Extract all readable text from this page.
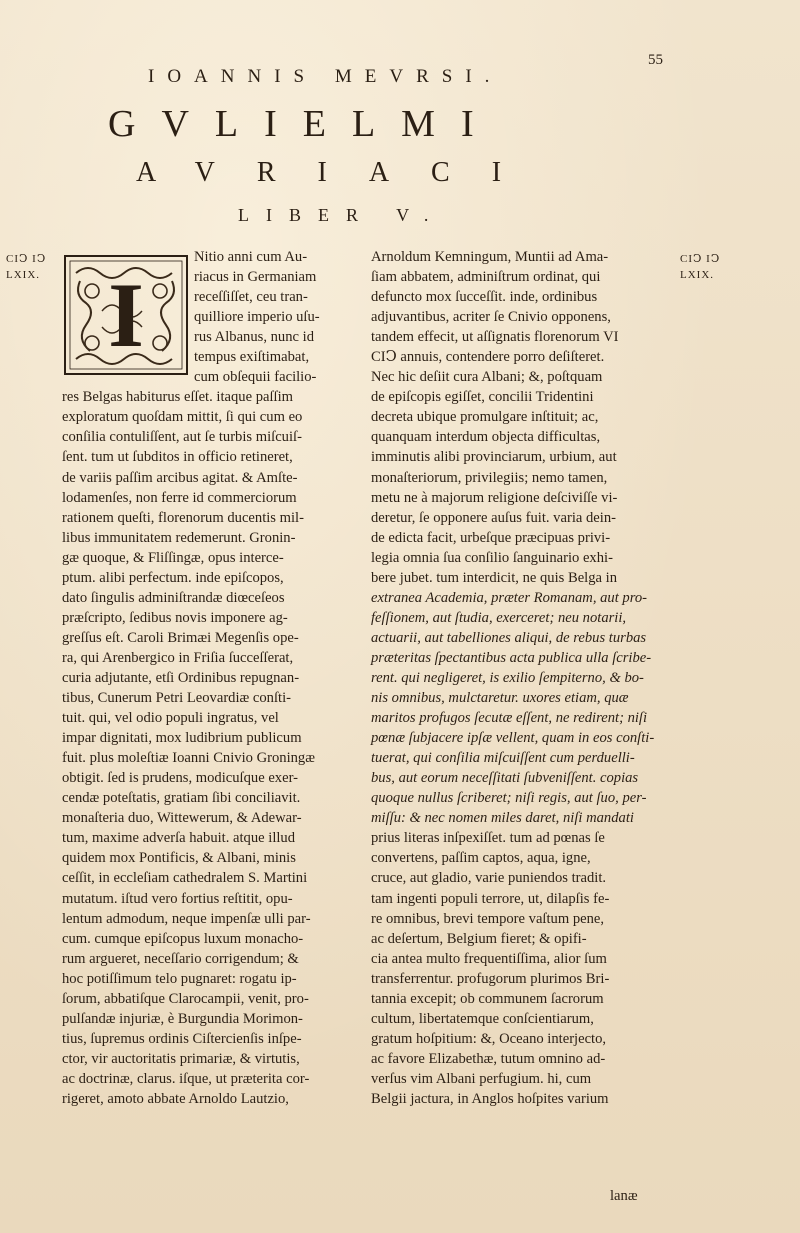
55
IOANNIS MEVRSI.
GVLIELMI
AVRIACI
LIBER V.
CIↃ IↃ
LXIX.
CIↃ IↃ
LXIX.
I
Nitio anni cum Au-
riacus in Germaniam
receſſiſſet, ceu tran-
quilliore imperio uſu-
rus Albanus, nunc id
tempus exiſtimabat,
cum obſequii facilio-
res Belgas habiturus eſſet. itaque paſſim
exploratum quoſdam mittit, ſi qui cum eo
conſilia contuliſſent, aut ſe turbis miſcuiſ-
ſent. tum ut ſubditos in officio retineret,
de variis paſſim arcibus agitat. & Amſte-
lodamenſes, non ferre id commerciorum
rationem queſti, florenorum ducentis mil-
libus immunitatem redemerunt. Gronin-
gæ quoque, & Fliſſingæ, opus interce-
ptum. alibi perfectum. inde epiſcopos,
dato ſingulis adminiſtrandæ diœceſeos
præſcripto, ſedibus novis imponere ag-
greſſus eſt. Caroli Brimæi Megenſis ope-
ra, qui Arenbergico in Friſia ſucceſſerat,
curia adjutante, etſi Ordinibus repugnan-
tibus, Cunerum Petri Leovardiæ conſti-
tuit. qui, vel odio populi ingratus, vel
impar dignitati, mox ludibrium publicum
fuit. plus moleſtiæ Ioanni Cnivio Groningæ
obtigit. ſed is prudens, modicuſque exer-
cendæ poteſtatis, gratiam ſibi conciliavit.
monaſteria duo, Wittewerum, & Adewar-
tum, maxime adverſa habuit. atque illud
quidem mox Pontificis, & Albani, minis
ceſſit, in eccleſiam cathedralem S. Martini
mutatum. iſtud vero fortius reſtitit, opu-
lentum admodum, neque impenſæ ulli par-
cum. cumque epiſcopus luxum monacho-
rum argueret, neceſſario corrigendum; &
hoc potiſſimum telo pugnaret: rogatu ip-
ſorum, abbatiſque Clarocampii, venit, pro-
pulſandæ injuriæ, è Burgundia Morimon-
tius, ſupremus ordinis Ciſtercienſis inſpe-
ctor, vir auctoritatis primariæ, & virtutis,
ac doctrinæ, clarus. iſque, ut præterita cor-
rigeret, amoto abbate Arnoldo Lautzio,
Arnoldum Kemningum, Muntii ad Ama-
ſiam abbatem, adminiſtrum ordinat, qui
defuncto mox ſucceſſit. inde, ordinibus
adjuvantibus, acriter ſe Cnivio opponens,
tandem effecit, ut aſſignatis florenorum VI
CIↃ annuis, contendere porro deſiſteret.
Nec hic deſiit cura Albani; &, poſtquam
de epiſcopis egiſſet, concilii Tridentini
decreta ubique promulgare inſtituit; ac,
quanquam interdum objecta difficultas,
imminutis alibi provinciarum, urbium, aut
monaſteriorum, privilegiis; nemo tamen,
metu ne à majorum religione deſciviſſe vi-
deretur, ſe opponere auſus fuit. varia dein-
de edicta facit, urbeſque præcipuas privi-
legia omnia ſua conſilio ſanguinario exhi-
bere jubet. tum interdicit, ne quis Belga in
extranea Academia, præter Romanam, aut pro-
feſſionem, aut ſtudia, exerceret; neu notarii,
actuarii, aut tabelliones aliqui, de rebus turbas
præteritas ſpectantibus acta publica ulla ſcribe-
rent. qui negligeret, is exilio ſempiterno, & bo-
nis omnibus, mulctaretur. uxores etiam, quæ
maritos profugos ſecutæ eſſent, ne redirent; niſi
pœnæ ſubjacere ipſæ vellent, quam in eos conſti-
tuerat, qui conſilia miſcuiſſent cum perduelli-
bus, aut eorum neceſſitati ſubveniſſent. copias
quoque nullus ſcriberet; niſi regis, aut ſuo, per-
miſſu: & nec nomen miles daret, niſi mandati
prius literas inſpexiſſet. tum ad pœnas ſe
convertens, paſſim captos, aqua, igne,
cruce, aut gladio, varie puniendos tradit.
tam ingenti populi terrore, ut, dilapſis fe-
re omnibus, brevi tempore vaſtum pene,
ac deſertum, Belgium fieret; & opifi-
cia antea multo frequentiſſima, alior ſum
transferrentur. profugorum plurimos Bri-
tannia excepit; ob communem ſacrorum
cultum, libertatemque conſcientiarum,
gratum hoſpitium: &, Oceano interjecto,
ac favore Elizabethæ, tutum omnino ad-
verſus vim Albani perfugium. hi, cum
Belgii jactura, in Anglos hoſpites varium
lanæ
